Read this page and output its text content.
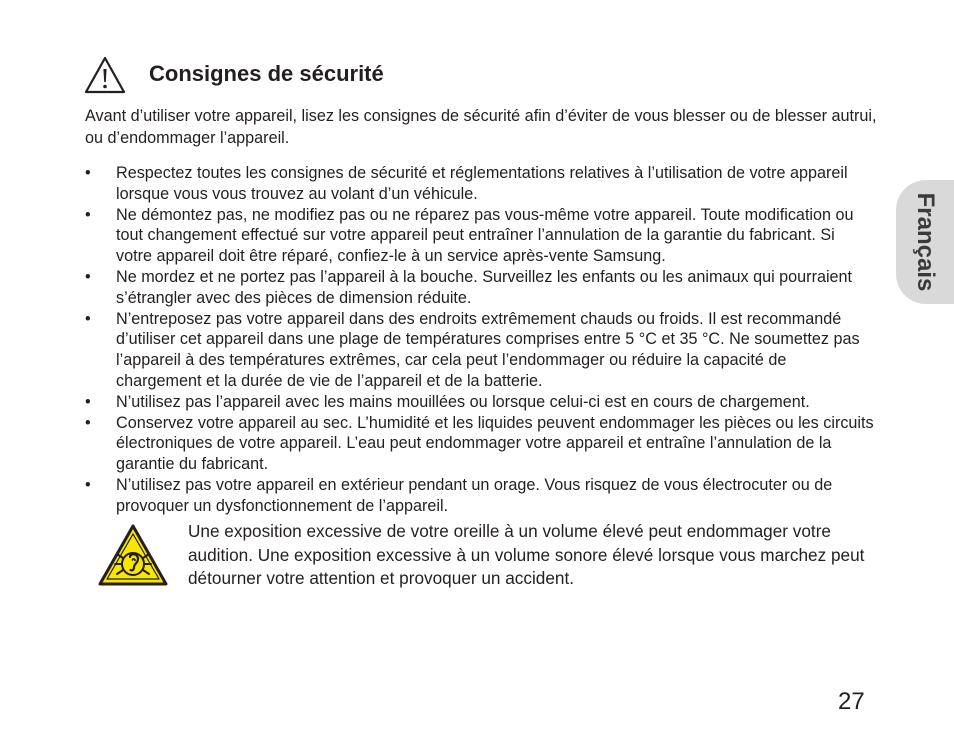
Consignes de sécurité

Avant d’utiliser votre appareil, lisez les consignes de sécurité afin d’éviter de vous blesser ou de blesser autrui, ou d’endommager l’appareil.

• Respectez toutes les consignes de sécurité et réglementations relatives à l’utilisation de votre appareil lorsque vous vous trouvez au volant d’un véhicule.
• Ne démontez pas, ne modifiez pas ou ne réparez pas vous-même votre appareil. Toute modification ou tout changement effectué sur votre appareil peut entraîner l’annulation de la garantie du fabricant. Si votre appareil doit être réparé, confiez-le à un service après-vente Samsung.
• Ne mordez et ne portez pas l’appareil à la bouche. Surveillez les enfants ou les animaux qui pourraient s’étrangler avec des pièces de dimension réduite.
• N’entreposez pas votre appareil dans des endroits extrêmement chauds ou froids. Il est recommandé d’utiliser cet appareil dans une plage de températures comprises entre 5 °C et 35 °C. Ne soumettez pas l’appareil à des températures extrêmes, car cela peut l’endommager ou réduire la capacité de chargement et la durée de vie de l’appareil et de la batterie.
• N’utilisez pas l’appareil avec les mains mouillées ou lorsque celui-ci est en cours de chargement.
• Conservez votre appareil au sec. L’humidité et les liquides peuvent endommager les pièces ou les circuits électroniques de votre appareil. L’eau peut endommager votre appareil et entraîne l’annulation de la garantie du fabricant.
• N’utilisez pas votre appareil en extérieur pendant un orage. Vous risquez de vous électrocuter ou de provoquer un dysfonctionnement de l’appareil.

Une exposition excessive de votre oreille à un volume élevé peut endommager votre audition. Une exposition excessive à un volume sonore élevé lorsque vous marchez peut détourner votre attention et provoquer un accident.

Français
27
